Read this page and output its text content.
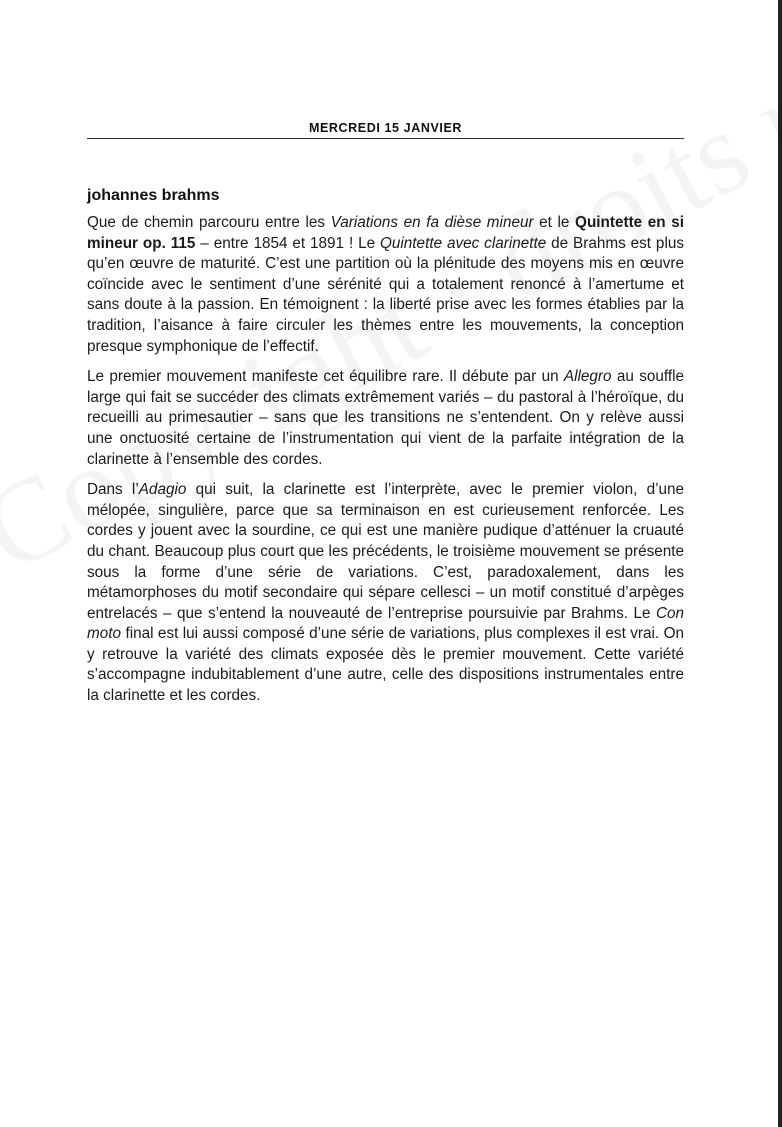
MERCREDI 15 JANVIER
johannes brahms

Que de chemin parcouru entre les Variations en fa dièse mineur et le Quintette en si mineur op. 115 – entre 1854 et 1891 ! Le Quintette avec clarinette de Brahms est plus qu’en œuvre de maturité. C’est une partition où la plénitude des moyens mis en œuvre coïncide avec le sentiment d’une sérénité qui a totalement renoncé à l’amertume et sans doute à la passion. En témoignent : la liberté prise avec les formes établies par la tradition, l’aisance à faire circuler les thèmes entre les mouvements, la conception presque symphonique de l’effectif.

Le premier mouvement manifeste cet équilibre rare. Il débute par un Allegro au souffle large qui fait se succéder des climats extrêmement variés – du pastoral à l’héroïque, du recueilli au primesautier – sans que les transitions ne s’entendent. On y relève aussi une onctuosité certaine de l’instrumentation qui vient de la parfaite intégration de la clarinette à l’ensemble des cordes.

Dans l’Adagio qui suit, la clarinette est l’interprète, avec le premier violon, d’une mélopée, singulière, parce que sa terminaison en est curieusement renforcée. Les cordes y jouent avec la sourdine, ce qui est une manière pudique d’atténuer la cruauté du chant. Beaucoup plus court que les précédents, le troisième mouvement se présente sous la forme d’une série de variations. C’est, paradoxalement, dans les métamorphoses du motif secondaire qui sépare cellesci – un motif constitué d’arpèges entrelacés – que s’entend la nouveauté de l’entreprise poursuivie par Brahms. Le Con moto final est lui aussi composé d’une série de variations, plus complexes il est vrai. On y retrouve la variété des climats exposée dès le premier mouvement. Cette variété s’accompagne indubitablement d’une autre, celle des dispositions instrumentales entre la clarinette et les cordes.
